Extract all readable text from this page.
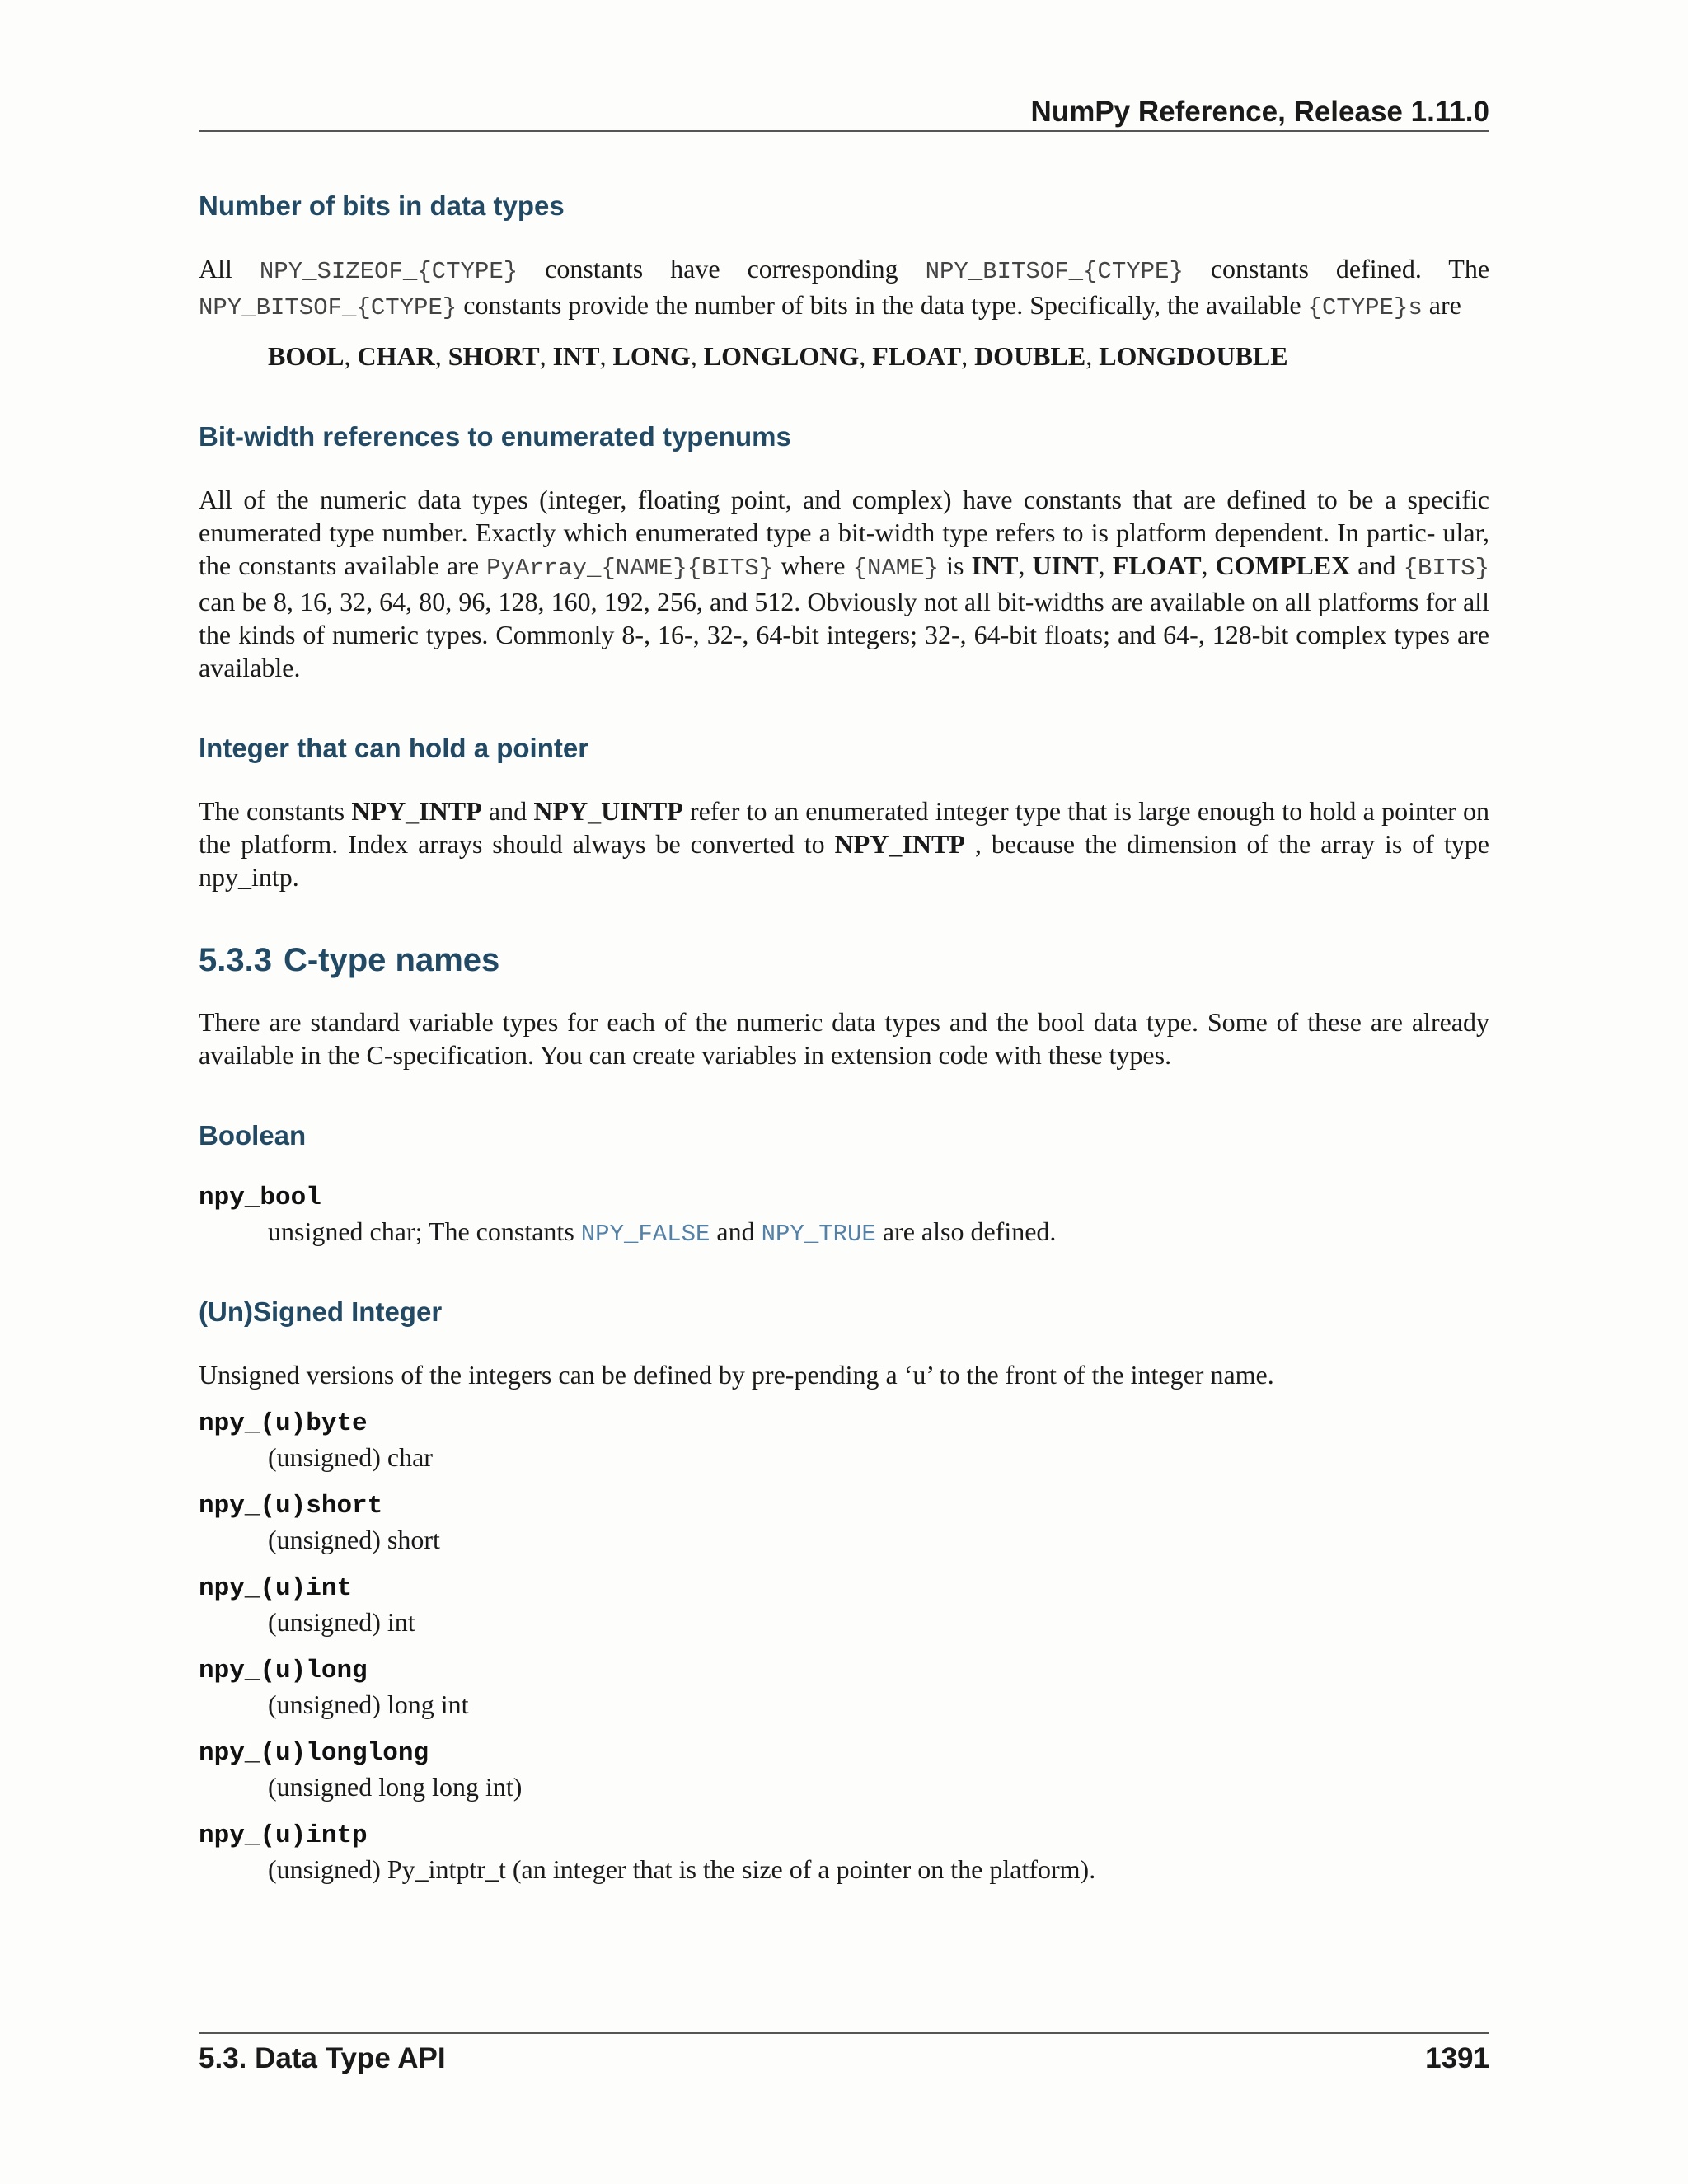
NumPy Reference, Release 1.11.0
Number of bits in data types

All NPY_SIZEOF_{CTYPE} constants have corresponding NPY_BITSOF_{CTYPE} constants defined. The NPY_BITSOF_{CTYPE} constants provide the number of bits in the data type. Specifically, the available {CTYPE}s are

BOOL, CHAR, SHORT, INT, LONG, LONGLONG, FLOAT, DOUBLE, LONGDOUBLE
Bit-width references to enumerated typenums

All of the numeric data types (integer, floating point, and complex) have constants that are defined to be a specific enumerated type number. Exactly which enumerated type a bit-width type refers to is platform dependent. In partic- ular, the constants available are PyArray_{NAME}{BITS} where {NAME} is INT, UINT, FLOAT, COMPLEX and {BITS} can be 8, 16, 32, 64, 80, 96, 128, 160, 192, 256, and 512. Obviously not all bit-widths are available on all platforms for all the kinds of numeric types. Commonly 8-, 16-, 32-, 64-bit integers; 32-, 64-bit floats; and 64-, 128-bit complex types are available.

Integer that can hold a pointer

The constants NPY_INTP and NPY_UINTP refer to an enumerated integer type that is large enough to hold a pointer on the platform. Index arrays should always be converted to NPY_INTP , because the dimension of the array is of type npy_intp.

5.3.3 C-type names

There are standard variable types for each of the numeric data types and the bool data type. Some of these are already available in the C-specification. You can create variables in extension code with these types.

Boolean
npy_bool
unsigned char; The constants NPY_FALSE and NPY_TRUE are also defined.
(Un)Signed Integer

Unsigned versions of the integers can be defined by pre-pending a ‘u’ to the front of the integer name.

npy_(u)byte
(unsigned) char
npy_(u)short
(unsigned) short
npy_(u)int
(unsigned) int
npy_(u)long
(unsigned) long int
npy_(u)longlong
(unsigned long long int)
npy_(u)intp
(unsigned) Py_intptr_t (an integer that is the size of a pointer on the platform).
5.3. Data Type API	1391
